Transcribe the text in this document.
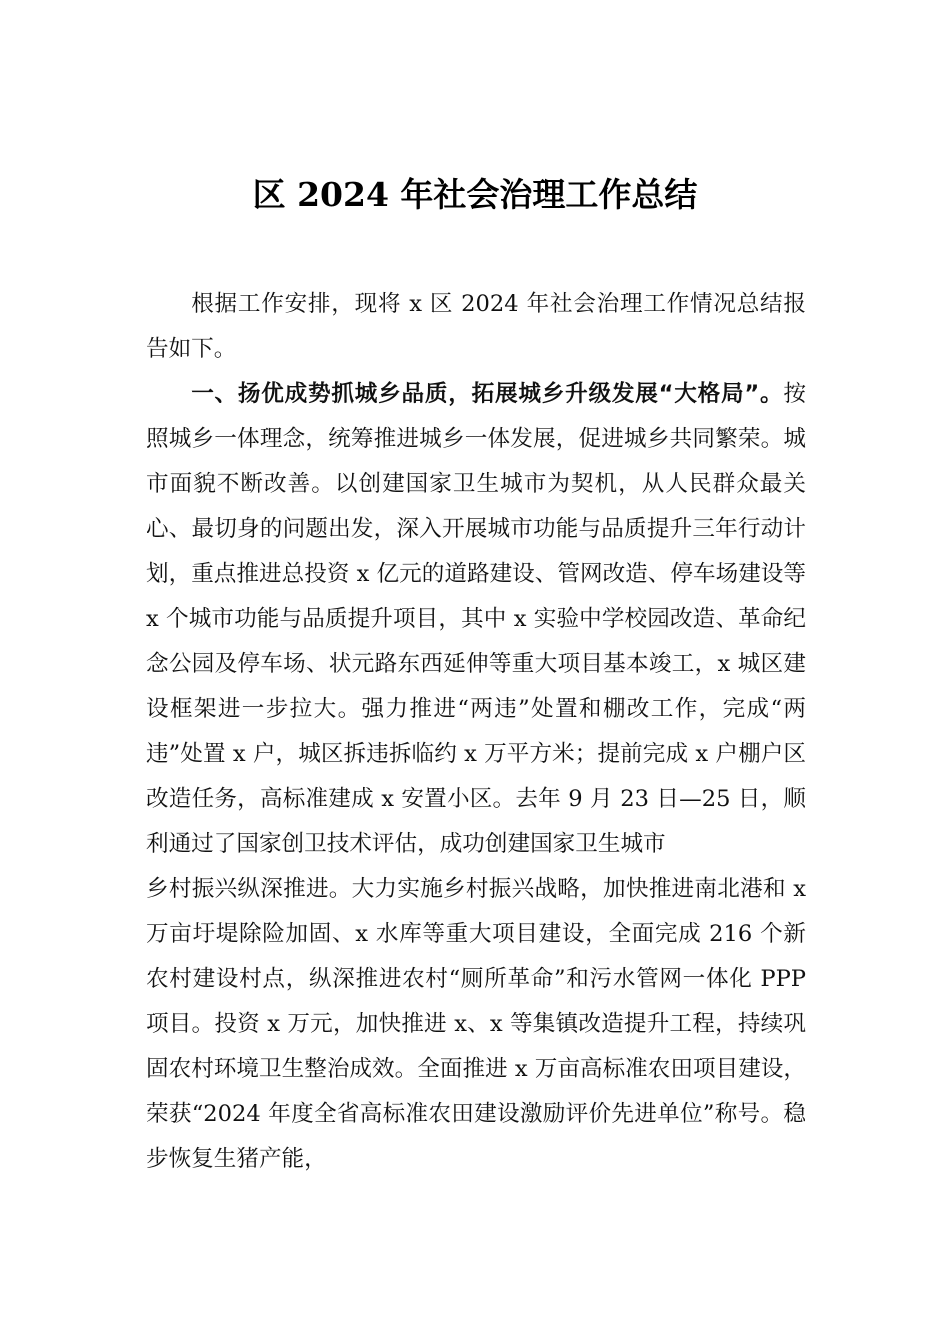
区 2024 年社会治理工作总结

根据工作安排，现将 x 区 2024 年社会治理工作情况总结报告如下。

一、扬优成势抓城乡品质，拓展城乡升级发展“大格局”。按照城乡一体理念，统筹推进城乡一体发展，促进城乡共同繁荣。城市面貌不断改善。以创建国家卫生城市为契机，从人民群众最关心、最切身的问题出发，深入开展城市功能与品质提升三年行动计划，重点推进总投资 x 亿元的道路建设、管网改造、停车场建设等 x 个城市功能与品质提升项目，其中 x 实验中学校园改造、革命纪念公园及停车场、状元路东西延伸等重大项目基本竣工，x 城区建设框架进一步拉大。强力推进“两违”处置和棚改工作，完成“两违”处置 x 户，城区拆违拆临约 x 万平方米；提前完成 x 户棚户区改造任务，高标准建成 x 安置小区。去年 9 月 23 日—25 日，顺利通过了国家创卫技术评估，成功创建国家卫生城市

乡村振兴纵深推进。大力实施乡村振兴战略，加快推进南北港和 x 万亩圩堤除险加固、x 水库等重大项目建设，全面完成 216 个新农村建设村点，纵深推进农村“厕所革命”和污水管网一体化 PPP 项目。投资 x 万元，加快推进 x、x 等集镇改造提升工程，持续巩固农村环境卫生整治成效。全面推进 x 万亩高标准农田项目建设，荣获“2024 年度全省高标准农田建设激励评价先进单位”称号。稳步恢复生猪产能，
